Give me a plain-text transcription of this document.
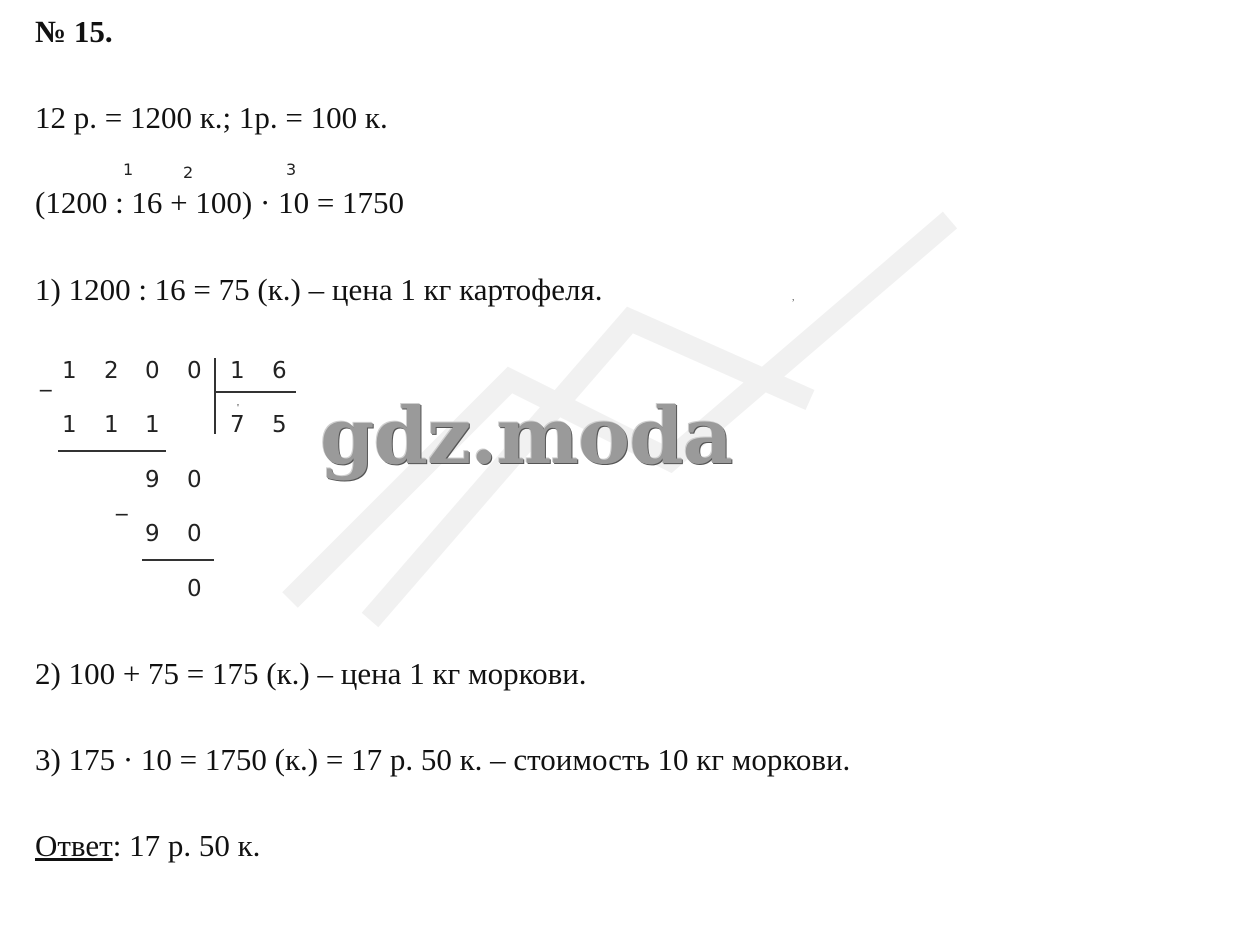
№ 15.
12 р. = 1200 к.; 1р. = 100 к.
1	2	3
(1200 : 16 + 100) · 10 = 1750
1) 1200 : 16 = 75 (к.) – цена 1 кг картофеля.	,
_ 1 2 0 0 1 6
7 5
'
1 1 1
9 0
_
9 0
0
gdz.moda
2) 100 + 75 = 175 (к.) – цена 1 кг моркови.
3) 175 · 10 = 1750 (к.) = 17 р. 50 к. – стоимость 10 кг моркови.
Ответ: 17 р. 50 к.
